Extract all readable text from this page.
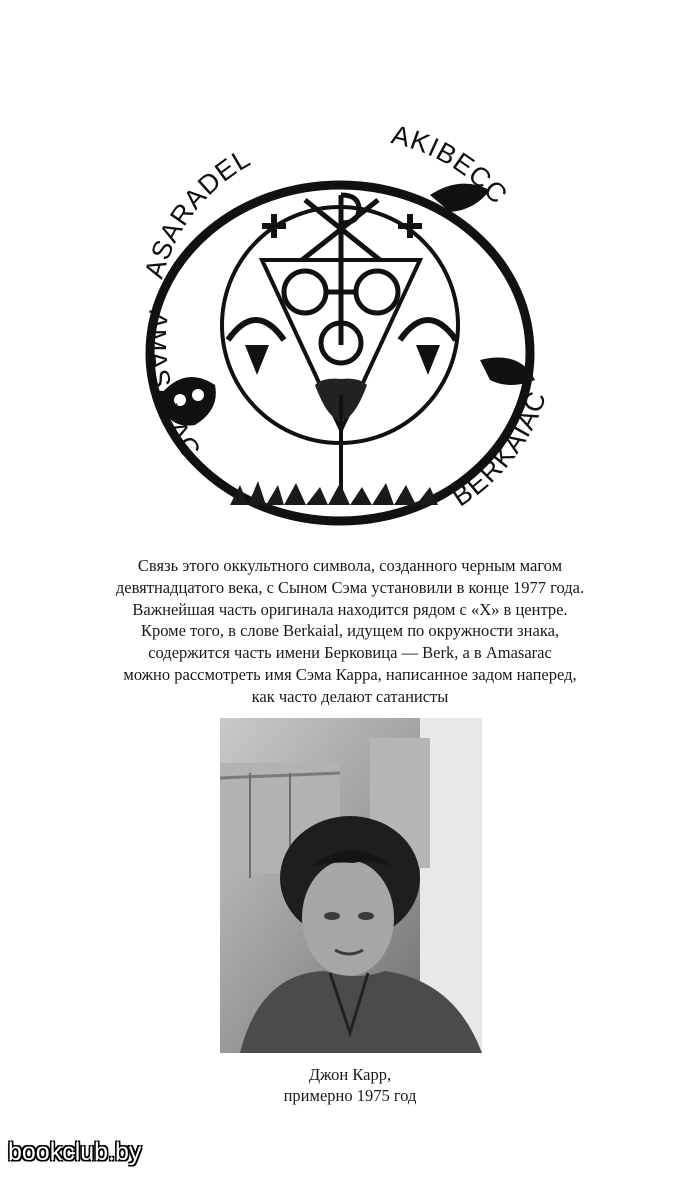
ASARADEL
AKIBECC
AMASARAC
BERKAIAC
Связь этого оккультного символа, созданного черным магом
девятнадцатого века, с Сыном Сэма установили в конце 1977 года.
Важнейшая часть оригинала находится рядом с «X» в центре.
Кроме того, в слове Berkaial, идущем по окружности знака,
содержится часть имени Берковица — Berk, а в Amasarac
можно рассмотреть имя Сэма Карра, написанное задом наперед,
как часто делают сатанисты
Джон Карр,
примерно 1975 год
bookclub.by
